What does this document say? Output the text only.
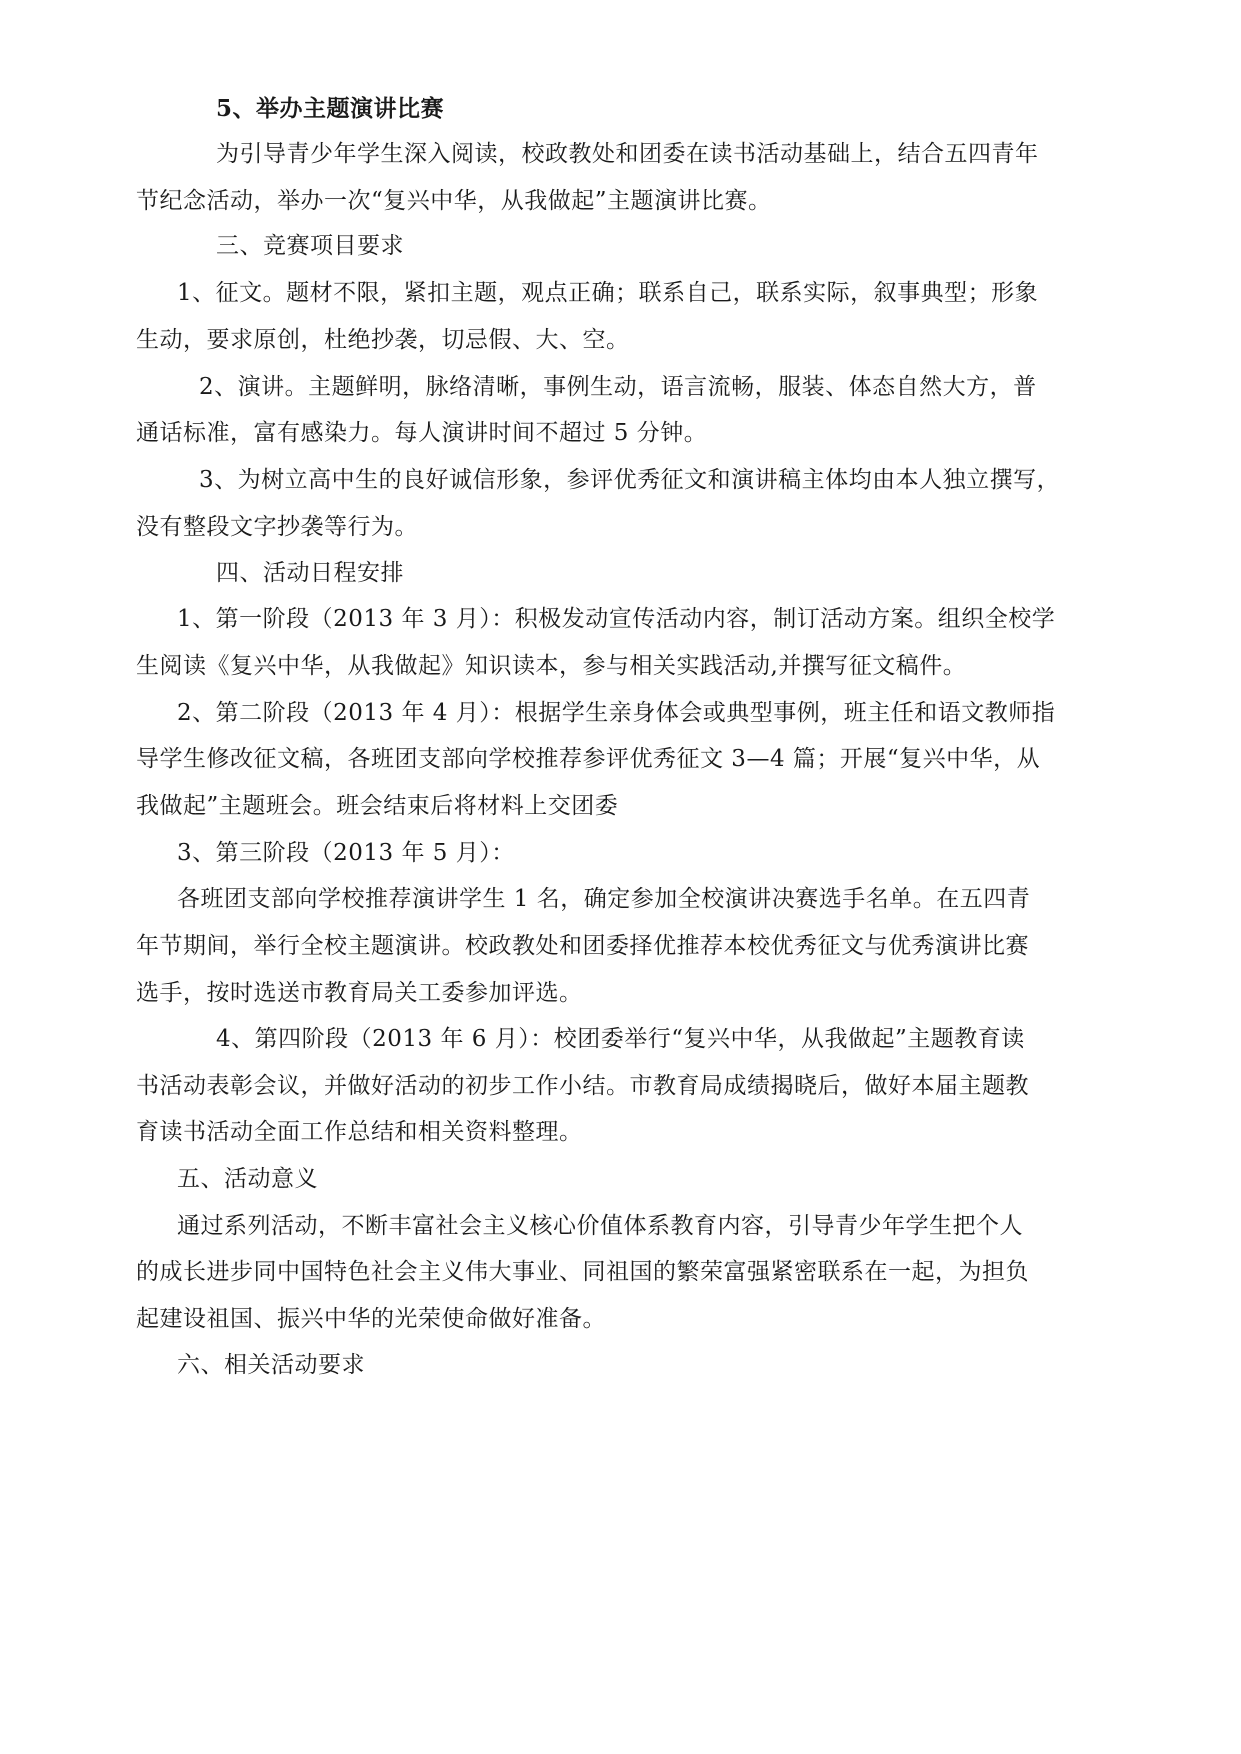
5、举办主题演讲比赛
为引导青少年学生深入阅读，校政教处和团委在读书活动基础上，结合五四青年
节纪念活动，举办一次“复兴中华，从我做起”主题演讲比赛。
三、竞赛项目要求
1、征文。题材不限，紧扣主题，观点正确；联系自己，联系实际，叙事典型；形象
生动，要求原创，杜绝抄袭，切忌假、大、空。
2、演讲。主题鲜明，脉络清晰，事例生动，语言流畅，服装、体态自然大方，普
通话标准，富有感染力。每人演讲时间不超过 5 分钟。
3、为树立高中生的良好诚信形象，参评优秀征文和演讲稿主体均由本人独立撰写，
没有整段文字抄袭等行为。
四、活动日程安排
1、第一阶段（2013 年 3 月）：积极发动宣传活动内容，制订活动方案。组织全校学
生阅读《复兴中华，从我做起》知识读本，参与相关实践活动,并撰写征文稿件。
2、第二阶段（2013 年 4 月）：根据学生亲身体会或典型事例，班主任和语文教师指
导学生修改征文稿，各班团支部向学校推荐参评优秀征文 3—4 篇；开展“复兴中华，从
我做起”主题班会。班会结束后将材料上交团委
3、第三阶段（2013 年 5 月）：
各班团支部向学校推荐演讲学生 1 名，确定参加全校演讲决赛选手名单。在五四青
年节期间，举行全校主题演讲。校政教处和团委择优推荐本校优秀征文与优秀演讲比赛
选手，按时选送市教育局关工委参加评选。
4、第四阶段（2013 年 6 月）：校团委举行“复兴中华，从我做起”主题教育读
书活动表彰会议，并做好活动的初步工作小结。市教育局成绩揭晓后，做好本届主题教
育读书活动全面工作总结和相关资料整理。
五、活动意义
通过系列活动，不断丰富社会主义核心价值体系教育内容，引导青少年学生把个人
的成长进步同中国特色社会主义伟大事业、同祖国的繁荣富强紧密联系在一起，为担负
起建设祖国、振兴中华的光荣使命做好准备。
六、相关活动要求
